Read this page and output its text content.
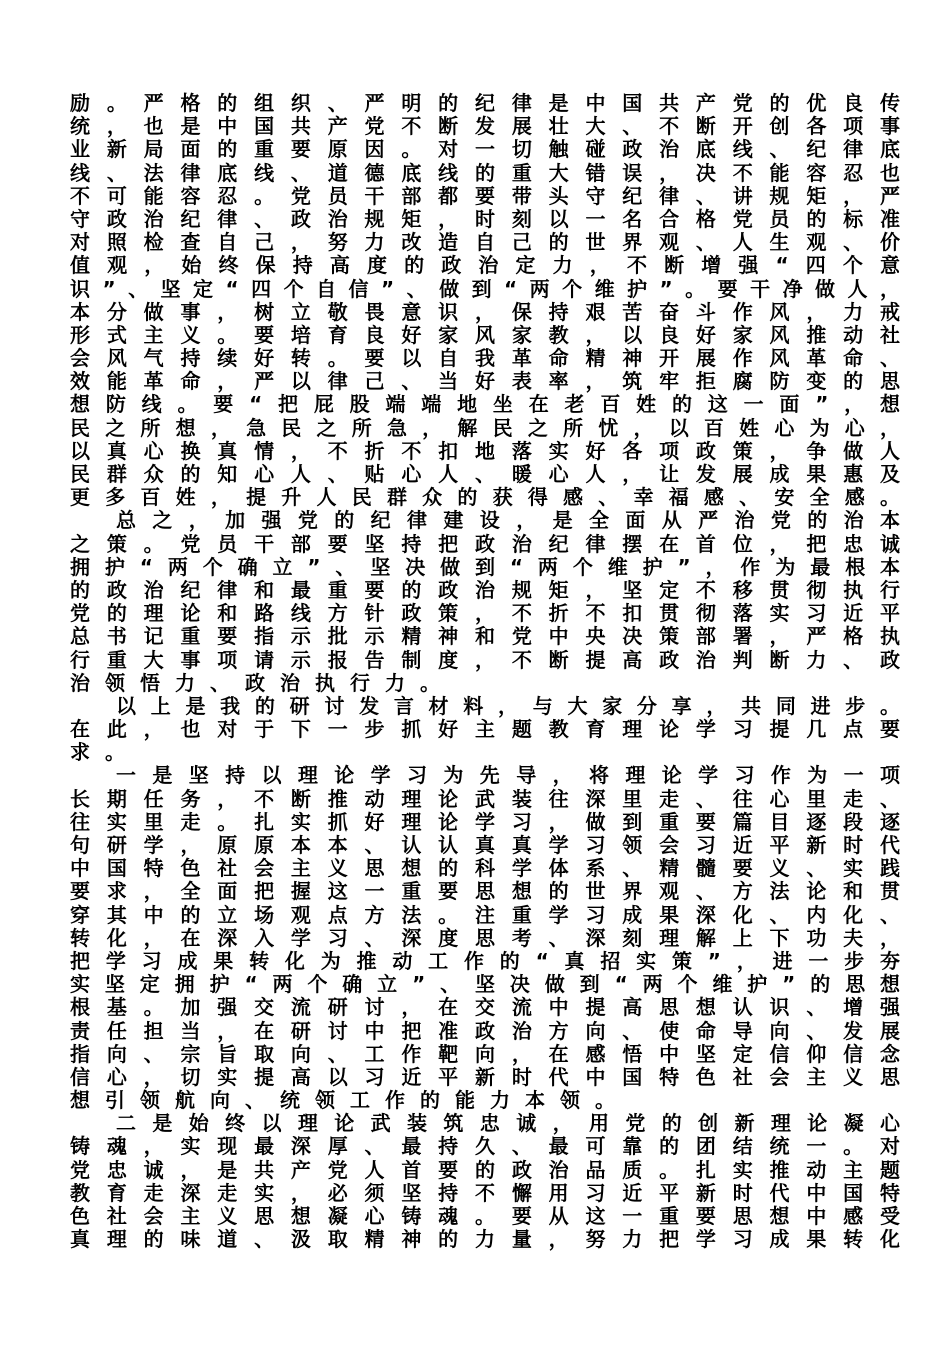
励。严格的组织、严明的纪律是中国共产党的优良传
统，也是中国共产党不断发展壮大、不断开创各项事
业新局面的重要原因。对一切触碰政治底线、纪律底
线、法律底线、道德底线的重大错误，决不能容忍也
不可能容忍。党员干部都要带头守纪律、讲规矩，严
守政治纪律、政治规矩，时刻以一名合格党员的标准
对照检查自己，努力改造自己的世界观、人生观、价
值观，始终保持高度的政治定力，不断增强“四个意
识”、坚定“四个自信”、做到“两个维护”。要干净做人，
本分做事，树立敬畏意识，保持艰苦奋斗作风，力戒
形式主义。要培育良好家风家教，以良好家风推动社
会风气持续好转。要以自我革命精神开展作风革命、
效能革命，严以律己、当好表率，筑牢拒腐防变的思
想防线。要“把屁股端端地坐在老百姓的这一面”，想
民之所想，急民之所急，解民之所忧，以百姓心为心，
以真心换真情，不折不扣地落实好各项政策，争做人
民群众的知心人、贴心人、暖心人，让发展成果惠及
更多百姓，提升人民群众的获得感、幸福感、安全感。
总之，加强党的纪律建设，是全面从严治党的治本
之策。党员干部要坚持把政治纪律摆在首位，把忠诚
拥护“两个确立”、坚决做到“两个维护”，作为最根本
的政治纪律和最重要的政治规矩，坚定不移贯彻执行
党的理论和路线方针政策，不折不扣贯彻落实习近平
总书记重要指示批示精神和党中央决策部署，严格执
行重大事项请示报告制度，不断提高政治判断力、政
治领悟力、政治执行力。
以上是我的研讨发言材料，与大家分享，共同进步。
在此，也对于下一步抓好主题教育理论学习提几点要
求。
一是坚持以理论学习为先导，将理论学习作为一项
长期任务，不断推动理论武装往深里走、往心里走、
往实里走。扎实抓好理论学习，做到重要篇目逐段逐
句研学，原原本本、认认真真学习领会习近平新时代
中国特色社会主义思想的科学体系、精髓要义、实践
要求，全面把握这一重要思想的世界观、方法论和贯
穿其中的立场观点方法。注重学习成果深化、内化、
转化，在深入学习、深度思考、深刻理解上下功夫，
把学习成果转化为推动工作的“真招实策”，进一步夯
实坚定拥护“两个确立”、坚决做到“两个维护”的思想
根基。加强交流研讨，在交流中提高思想认识、增强
责任担当，在研讨中把准政治方向、使命导向、发展
指向、宗旨取向、工作靶向，在感悟中坚定信仰信念
信心，切实提高以习近平新时代中国特色社会主义思
想引领航向、统领工作的能力本领。
二是始终以理论武装筑忠诚，用党的创新理论凝心
铸魂，实现最深厚、最持久、最可靠的团结统一。对
党忠诚，是共产党人首要的政治品质。扎实推动主题
教育走深走实，必须坚持不懈用习近平新时代中国特
色社会主义思想凝心铸魂。要从这一重要思想中感受
真理的味道、汲取精神的力量，努力把学习成果转化
